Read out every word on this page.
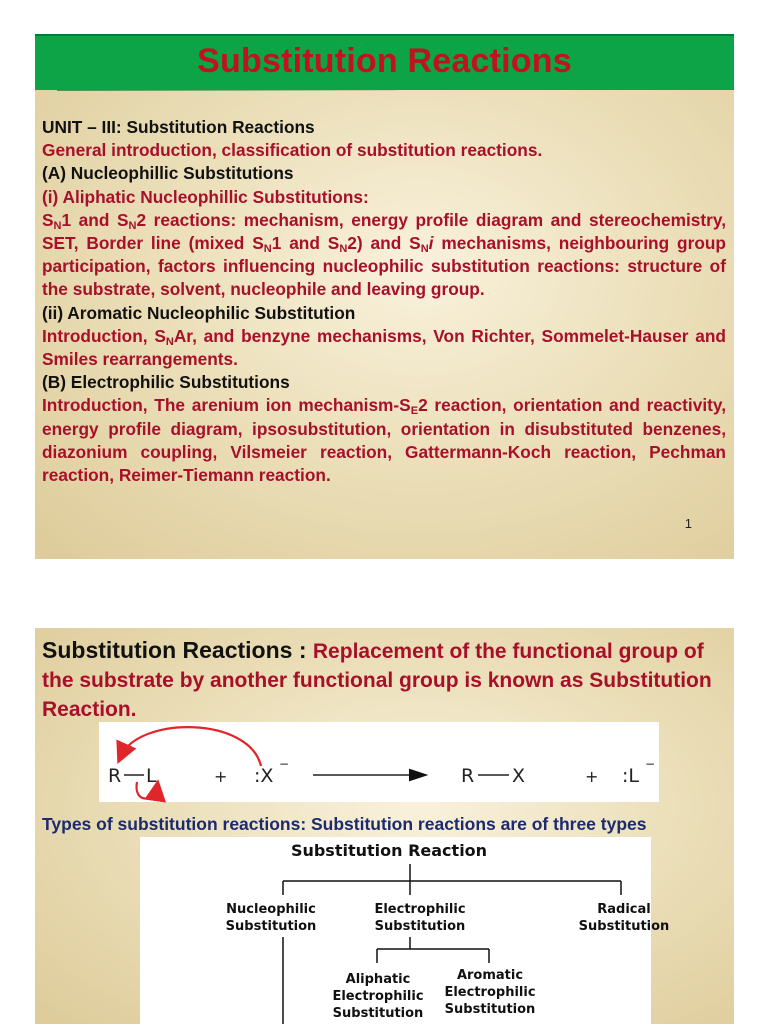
Substitution Reactions

UNIT – III: Substitution Reactions

General introduction, classification of substitution reactions.

(A) Nucleophillic Substitutions

(i) Aliphatic Nucleophillic Substitutions:

$S_N1$ and $S_N2$ reactions: mechanism, energy profile diagram and stereochemistry, SET, Border line (mixed $S_N1$ and $S_N2$) and $S_Ni$ mechanisms, neighbouring group participation, factors influencing nucleophilic substitution reactions: structure of the substrate, solvent, nucleophile and leaving group.

(ii) Aromatic Nucleophilic Substitution

Introduction, $S_NAr$, and benzyne mechanisms, Von Richter, Sommelet-Hauser and Smiles rearrangements.

(B) Electrophilic Substitutions

Introduction, The arenium ion mechanism-$S_E2$ reaction, orientation and reactivity, energy profile diagram, ipsosubstitution, orientation in disubstituted benzenes, diazonium coupling, Vilsmeier reaction, Gattermann-Koch reaction, Pechman reaction, Reimer-Tiemann reaction.

1
Substitution Reactions : Replacement of the functional group of the substrate by another functional group is known as Substitution Reaction.
R L	+ :X
−
R X	+ :L
−
Types of substitution reactions: Substitution reactions are of three types
Substitution Reaction
Nucleophilic
Substitution
Electrophilic
Substitution
Radical
Substitution
Aliphatic
Electrophilic
Substitution
Aromatic
Electrophilic
Substitution
